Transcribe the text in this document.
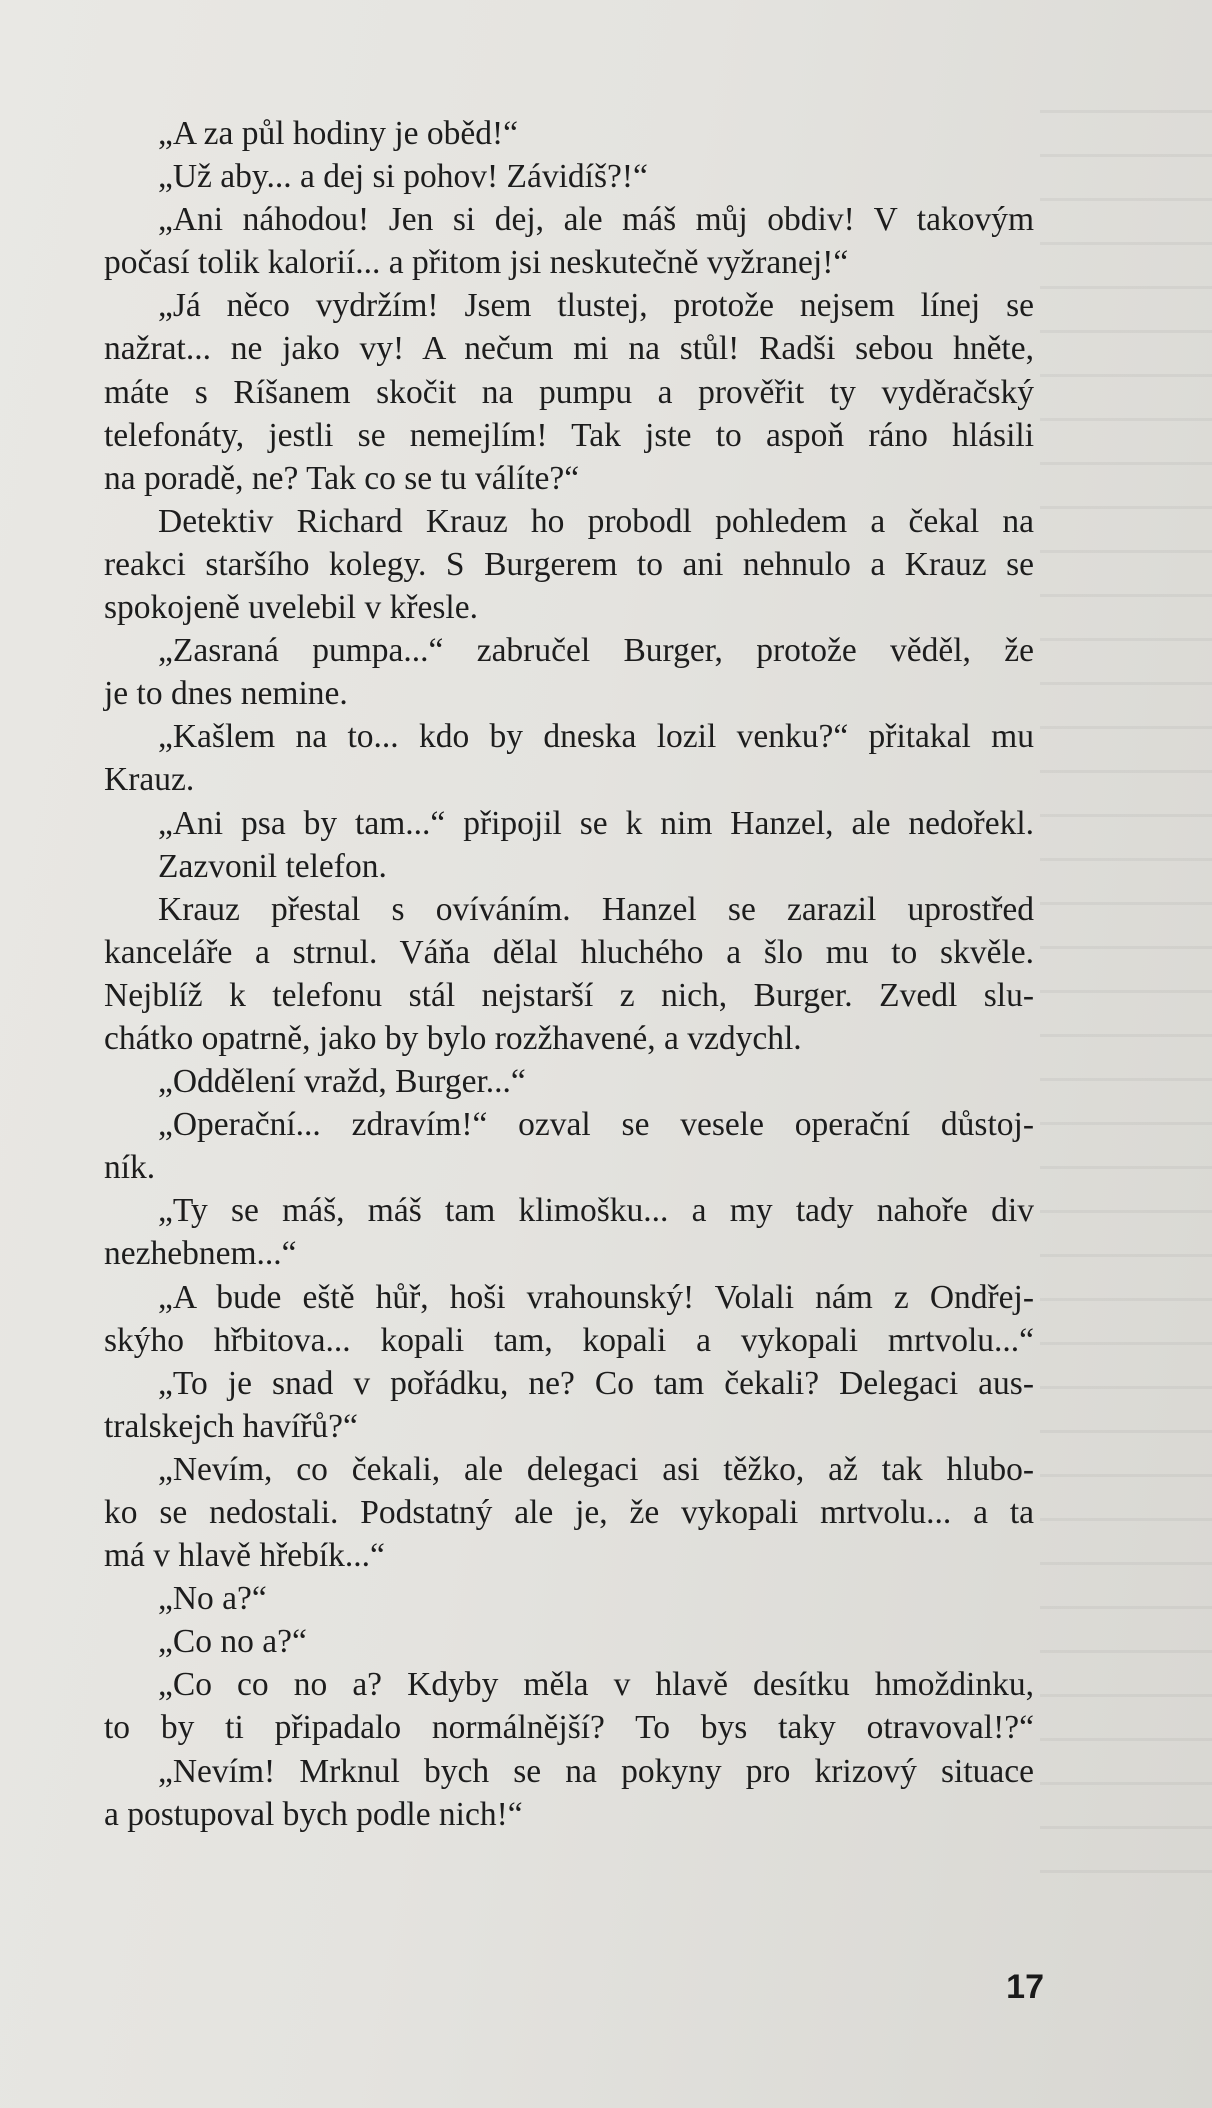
„A za půl hodiny je oběd!“
„Už aby... a dej si pohov! Závidíš?!“
„Ani náhodou! Jen si dej, ale máš můj obdiv! V takovým
počasí tolik kalorií... a přitom jsi neskutečně vyžranej!“
„Já něco vydržím! Jsem tlustej, protože nejsem línej se
nažrat... ne jako vy! A nečum mi na stůl! Radši sebou hněte,
máte s Ríšanem skočit na pumpu a prověřit ty vyděračský
telefonáty, jestli se nemejlím! Tak jste to aspoň ráno hlásili
na poradě, ne? Tak co se tu válíte?“
Detektiv Richard Krauz ho probodl pohledem a čekal na
reakci staršího kolegy. S Burgerem to ani nehnulo a Krauz se
spokojeně uvelebil v křesle.
„Zasraná pumpa...“ zabručel Burger, protože věděl, že
je to dnes nemine.
„Kašlem na to... kdo by dneska lozil venku?“ přitakal mu
Krauz.
„Ani psa by tam...“ připojil se k nim Hanzel, ale nedořekl.
Zazvonil telefon.
Krauz přestal s ovíváním. Hanzel se zarazil uprostřed
kanceláře a strnul. Váňa dělal hluchého a šlo mu to skvěle.
Nejblíž k telefonu stál nejstarší z nich, Burger. Zvedl slu-
chátko opatrně, jako by bylo rozžhavené, a vzdychl.
„Oddělení vražd, Burger...“
„Operační... zdravím!“ ozval se vesele operační důstoj-
ník.
„Ty se máš, máš tam klimošku... a my tady nahoře div
nezhebnem...“
„A bude eště hůř, hoši vrahounský! Volali nám z Ondřej-
skýho hřbitova... kopali tam, kopali a vykopali mrtvolu...“
„To je snad v pořádku, ne? Co tam čekali? Delegaci aus-
tralskejch havířů?“
„Nevím, co čekali, ale delegaci asi těžko, až tak hlubo-
ko se nedostali. Podstatný ale je, že vykopali mrtvolu... a ta
má v hlavě hřebík...“
„No a?“
„Co no a?“
„Co co no a? Kdyby měla v hlavě desítku hmoždinku,
to by ti připadalo normálnější? To bys taky otravoval!?“
„Nevím! Mrknul bych se na pokyny pro krizový situace
a postupoval bych podle nich!“
17
